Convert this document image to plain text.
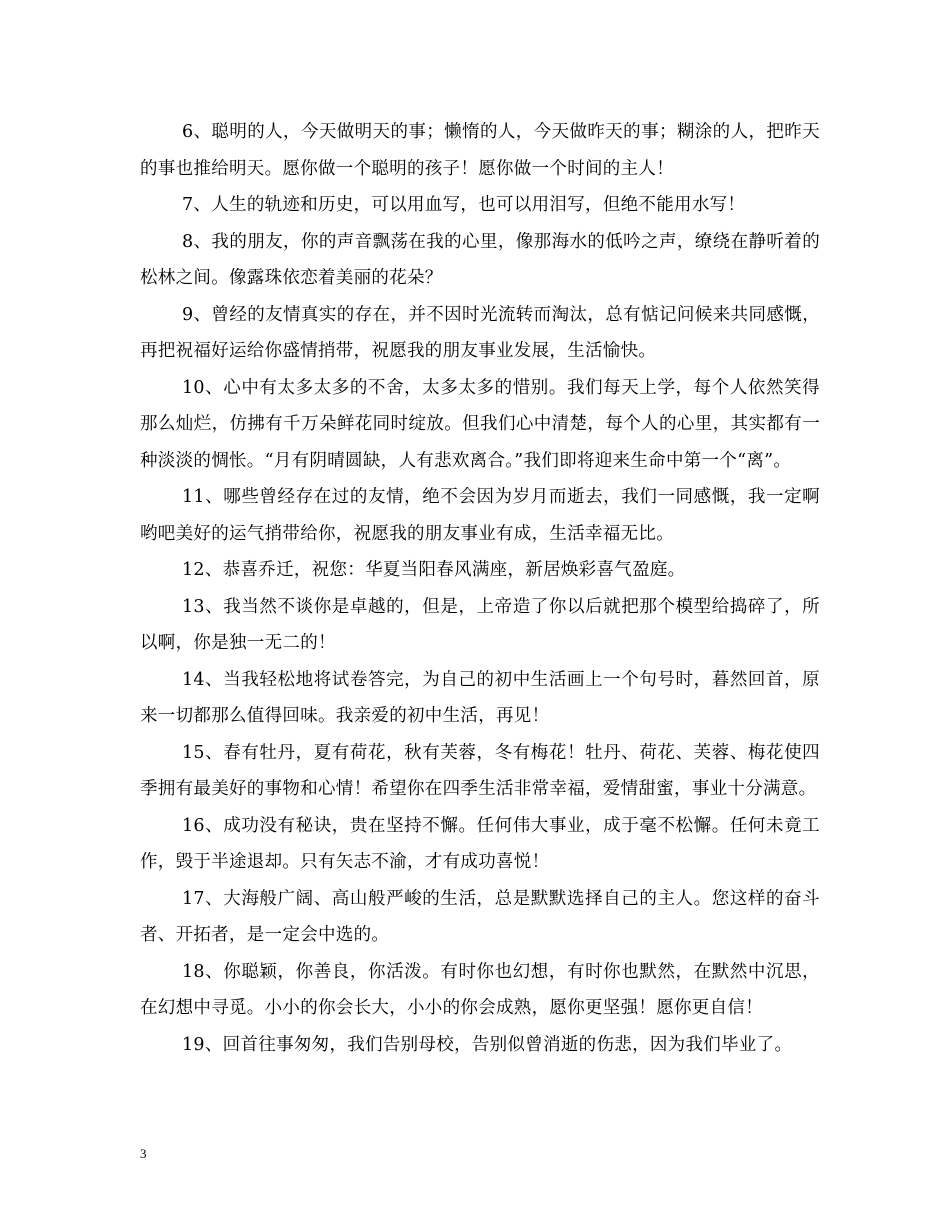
6、聪明的人，今天做明天的事；懒惰的人，今天做昨天的事；糊涂的人，把昨天的事也推给明天。愿你做一个聪明的孩子！愿你做一个时间的主人！

7、人生的轨迹和历史，可以用血写，也可以用泪写，但绝不能用水写！

8、我的朋友，你的声音飘荡在我的心里，像那海水的低吟之声，缭绕在静听着的松林之间。像露珠依恋着美丽的花朵？

9、曾经的友情真实的存在，并不因时光流转而淘汰，总有惦记问候来共同感慨，再把祝福好运给你盛情捎带，祝愿我的朋友事业发展，生活愉快。

10、心中有太多太多的不舍，太多太多的惜别。我们每天上学，每个人依然笑得那么灿烂，仿拂有千万朵鲜花同时绽放。但我们心中清楚，每个人的心里，其实都有一种淡淡的惆怅。“月有阴晴圆缺，人有悲欢离合。”我们即将迎来生命中第一个“离”。

11、哪些曾经存在过的友情，绝不会因为岁月而逝去，我们一同感慨，我一定啊哟吧美好的运气捎带给你，祝愿我的朋友事业有成，生活幸福无比。

12、恭喜乔迁，祝您：华夏当阳春风满座，新居焕彩喜气盈庭。

13、我当然不谈你是卓越的，但是，上帝造了你以后就把那个模型给捣碎了，所以啊，你是独一无二的！

14、当我轻松地将试卷答完，为自己的初中生活画上一个句号时，暮然回首，原来一切都那么值得回味。我亲爱的初中生活，再见！

15、春有牡丹，夏有荷花，秋有芙蓉，冬有梅花！牡丹、荷花、芙蓉、梅花使四季拥有最美好的事物和心情！希望你在四季生活非常幸福，爱情甜蜜，事业十分满意。

16、成功没有秘诀，贵在坚持不懈。任何伟大事业，成于毫不松懈。任何未竟工作，毁于半途退却。只有矢志不渝，才有成功喜悦！

17、大海般广阔、高山般严峻的生活，总是默默选择自己的主人。您这样的奋斗者、开拓者，是一定会中选的。

18、你聪颖，你善良，你活泼。有时你也幻想，有时你也默然，在默然中沉思，在幻想中寻觅。小小的你会长大，小小的你会成熟，愿你更坚强！愿你更自信！

19、回首往事匆匆，我们告别母校，告别似曾消逝的伤悲，因为我们毕业了。

3
